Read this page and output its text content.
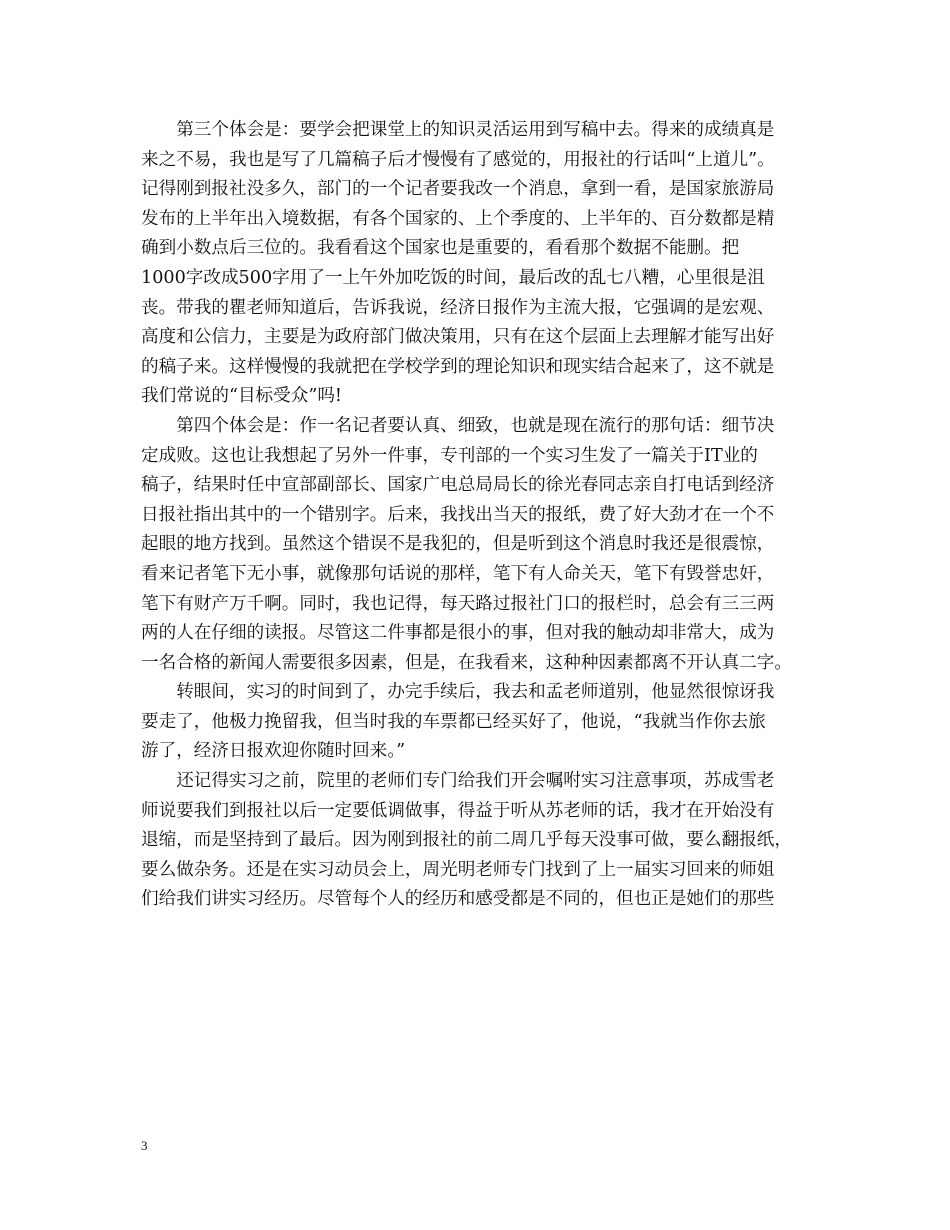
　　第三个体会是：要学会把课堂上的知识灵活运用到写稿中去。得来的成绩真是
来之不易，我也是写了几篇稿子后才慢慢有了感觉的，用报社的行话叫“上道儿”。
记得刚到报社没多久，部门的一个记者要我改一个消息，拿到一看，是国家旅游局
发布的上半年出入境数据，有各个国家的、上个季度的、上半年的、百分数都是精
确到小数点后三位的。我看看这个国家也是重要的，看看那个数据不能删。把
1000字改成500字用了一上午外加吃饭的时间，最后改的乱七八糟，心里很是沮
丧。带我的瞿老师知道后，告诉我说，经济日报作为主流大报，它强调的是宏观、
高度和公信力，主要是为政府部门做决策用，只有在这个层面上去理解才能写出好
的稿子来。这样慢慢的我就把在学校学到的理论知识和现实结合起来了，这不就是
我们常说的“目标受众”吗!
　　第四个体会是：作一名记者要认真、细致，也就是现在流行的那句话：细节决
定成败。这也让我想起了另外一件事，专刊部的一个实习生发了一篇关于IT业的
稿子，结果时任中宣部副部长、国家广电总局局长的徐光春同志亲自打电话到经济
日报社指出其中的一个错别字。后来，我找出当天的报纸，费了好大劲才在一个不
起眼的地方找到。虽然这个错误不是我犯的，但是听到这个消息时我还是很震惊，
看来记者笔下无小事，就像那句话说的那样，笔下有人命关天，笔下有毁誉忠奸，
笔下有财产万千啊。同时，我也记得，每天路过报社门口的报栏时，总会有三三两
两的人在仔细的读报。尽管这二件事都是很小的事，但对我的触动却非常大，成为
一名合格的新闻人需要很多因素，但是，在我看来，这种种因素都离不开认真二字。
　　转眼间，实习的时间到了，办完手续后，我去和孟老师道别，他显然很惊讶我
要走了，他极力挽留我，但当时我的车票都已经买好了，他说，“我就当作你去旅
游了，经济日报欢迎你随时回来。”
　　还记得实习之前，院里的老师们专门给我们开会嘱咐实习注意事项，苏成雪老
师说要我们到报社以后一定要低调做事，得益于听从苏老师的话，我才在开始没有
退缩，而是坚持到了最后。因为刚到报社的前二周几乎每天没事可做，要么翻报纸，
要么做杂务。还是在实习动员会上，周光明老师专门找到了上一届实习回来的师姐
们给我们讲实习经历。尽管每个人的经历和感受都是不同的，但也正是她们的那些
3
